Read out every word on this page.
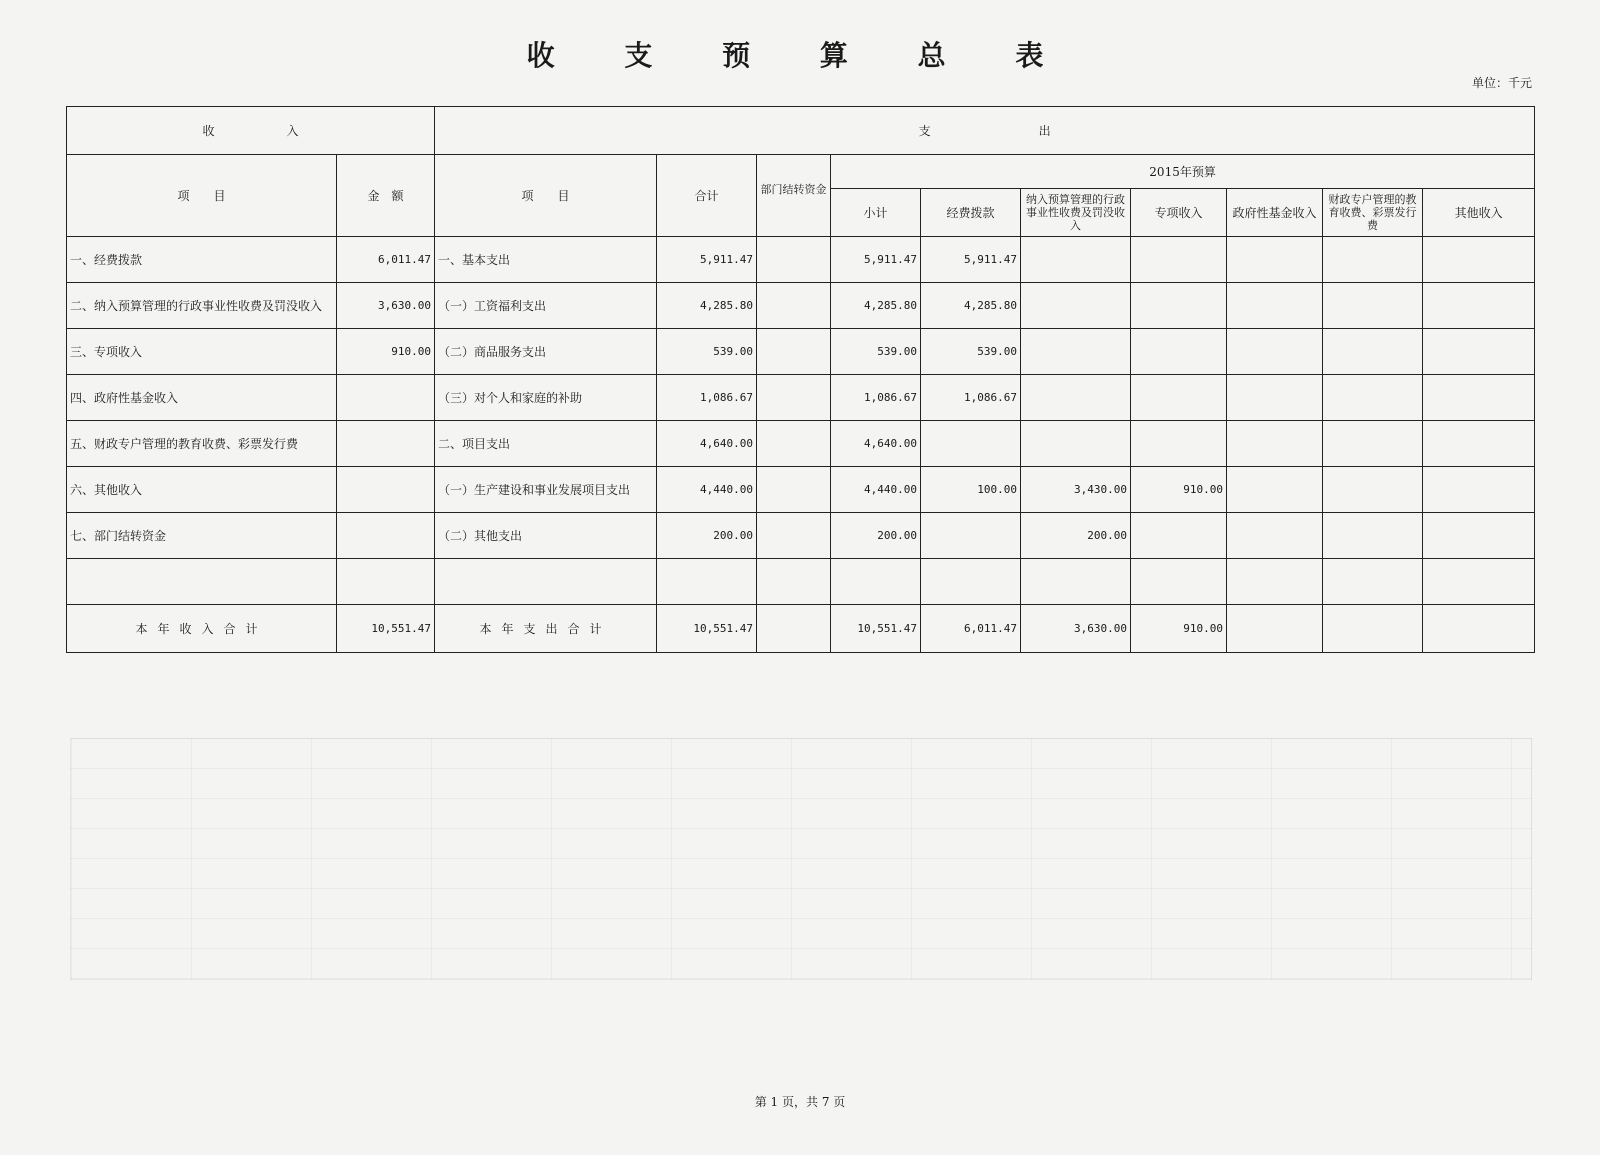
收 支 预 算 总 表
单位：千元
收　　　　　　入		支　　　　　　　　　出									
项　　目	金　额	项　　目	合计	部门结转资金	2015年预算						
					小计	经费拨款	纳入预算管理的行政事业性收费及罚没收入	专项收入	政府性基金收入	财政专户管理的教育收费、彩票发行费	其他收入
一、经费拨款	6,011.47	一、基本支出	5,911.47		5,911.47	5,911.47					
二、纳入预算管理的行政事业性收费及罚没收入	3,630.00	（一）工资福利支出	4,285.80		4,285.80	4,285.80					
三、专项收入	910.00	（二）商品服务支出	539.00		539.00	539.00					
四、政府性基金收入		（三）对个人和家庭的补助	1,086.67		1,086.67	1,086.67					
五、财政专户管理的教育收费、彩票发行费		二、项目支出	4,640.00		4,640.00						
六、其他收入		（一）生产建设和事业发展项目支出	4,440.00		4,440.00	100.00	3,430.00	910.00			
七、部门结转资金		（二）其他支出	200.00		200.00		200.00				

本年收入合计	10,551.47	本年支出合计	10,551.47		10,551.47	6,011.47	3,630.00	910.00			
第 1 页，共 7 页
